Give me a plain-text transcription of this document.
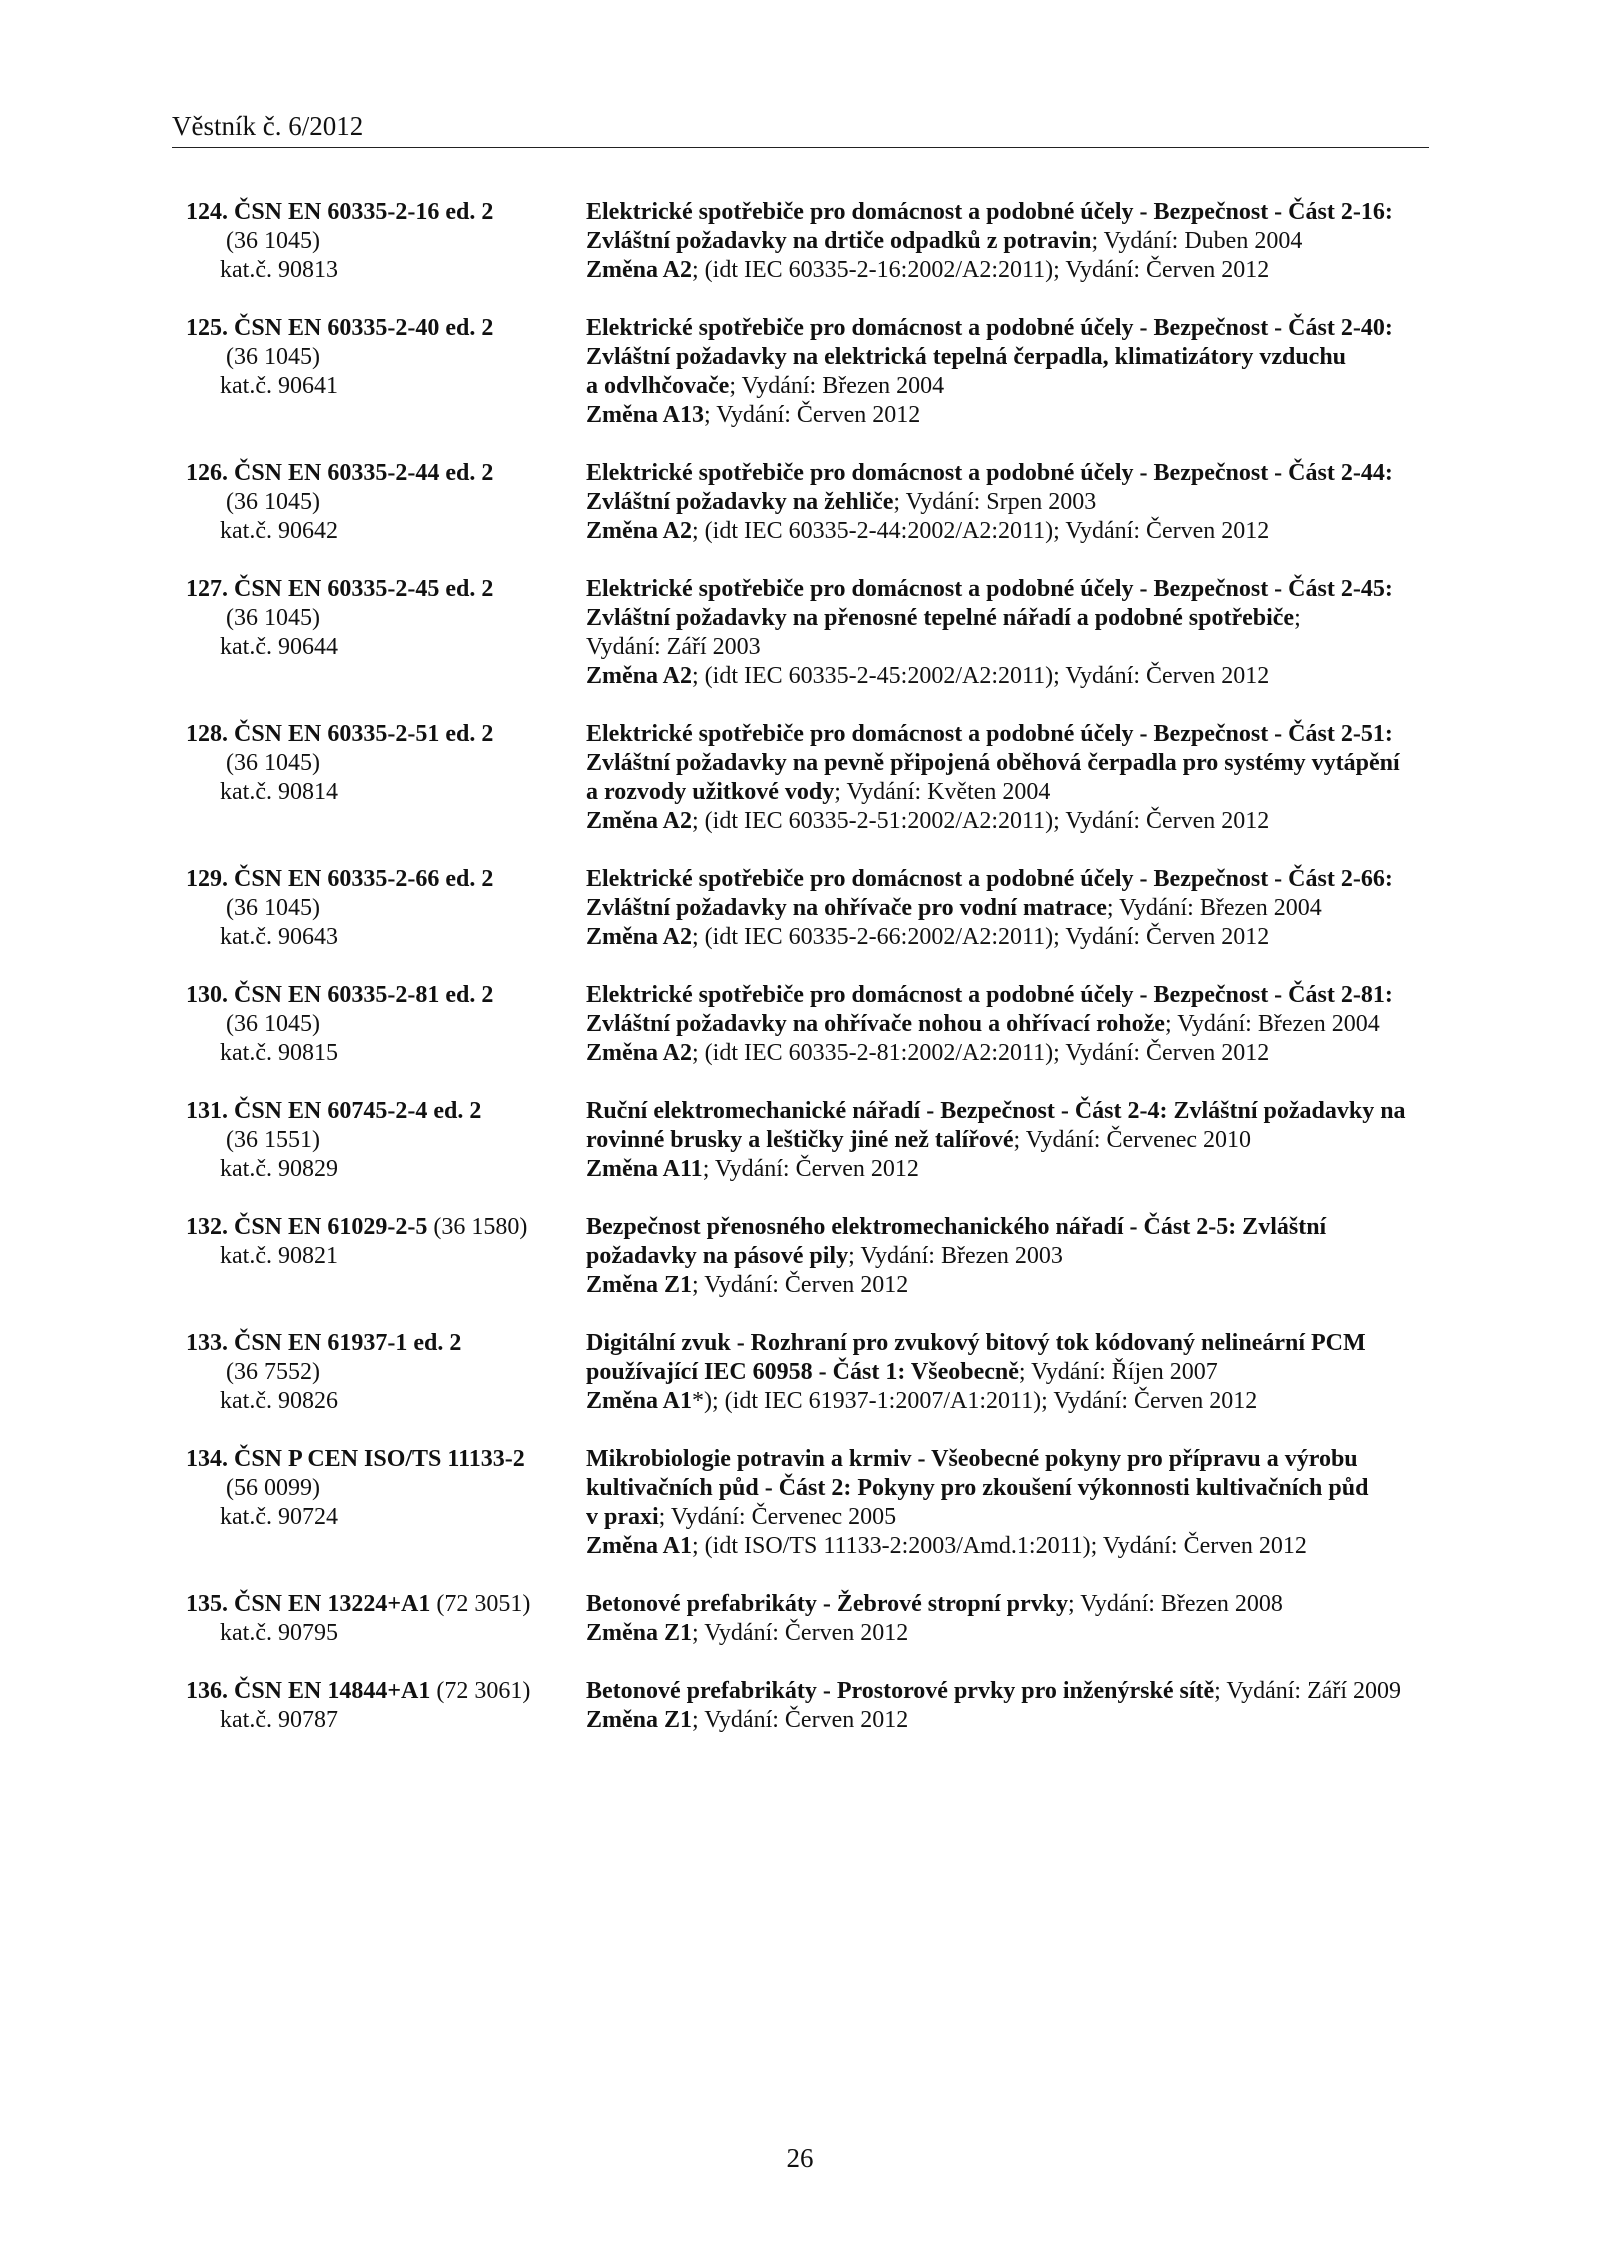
Věstník č. 6/2012
124. ČSN EN 60335-2-16 ed. 2
(36 1045)
kat.č. 90813
Elektrické spotřebiče pro domácnost a podobné účely - Bezpečnost - Část 2-16:
Zvláštní požadavky na drtiče odpadků z potravin; Vydání: Duben 2004
Změna A2; (idt IEC 60335-2-16:2002/A2:2011); Vydání: Červen 2012
125. ČSN EN 60335-2-40 ed. 2
(36 1045)
kat.č. 90641
Elektrické spotřebiče pro domácnost a podobné účely - Bezpečnost - Část 2-40:
Zvláštní požadavky na elektrická tepelná čerpadla, klimatizátory vzduchu
a odvlhčovače; Vydání: Březen 2004
Změna A13; Vydání: Červen 2012
126. ČSN EN 60335-2-44 ed. 2
(36 1045)
kat.č. 90642
Elektrické spotřebiče pro domácnost a podobné účely - Bezpečnost - Část 2-44:
Zvláštní požadavky na žehliče; Vydání: Srpen 2003
Změna A2; (idt IEC 60335-2-44:2002/A2:2011); Vydání: Červen 2012
127. ČSN EN 60335-2-45 ed. 2
(36 1045)
kat.č. 90644
Elektrické spotřebiče pro domácnost a podobné účely - Bezpečnost - Část 2-45:
Zvláštní požadavky na přenosné tepelné nářadí a podobné spotřebiče;
Vydání: Září 2003
Změna A2; (idt IEC 60335-2-45:2002/A2:2011); Vydání: Červen 2012
128. ČSN EN 60335-2-51 ed. 2
(36 1045)
kat.č. 90814
Elektrické spotřebiče pro domácnost a podobné účely - Bezpečnost - Část 2-51:
Zvláštní požadavky na pevně připojená oběhová čerpadla pro systémy vytápění
a rozvody užitkové vody; Vydání: Květen 2004
Změna A2; (idt IEC 60335-2-51:2002/A2:2011); Vydání: Červen 2012
129. ČSN EN 60335-2-66 ed. 2
(36 1045)
kat.č. 90643
Elektrické spotřebiče pro domácnost a podobné účely - Bezpečnost - Část 2-66:
Zvláštní požadavky na ohřívače pro vodní matrace; Vydání: Březen 2004
Změna A2; (idt IEC 60335-2-66:2002/A2:2011); Vydání: Červen 2012
130. ČSN EN 60335-2-81 ed. 2
(36 1045)
kat.č. 90815
Elektrické spotřebiče pro domácnost a podobné účely - Bezpečnost - Část 2-81:
Zvláštní požadavky na ohřívače nohou a ohřívací rohože; Vydání: Březen 2004
Změna A2; (idt IEC 60335-2-81:2002/A2:2011); Vydání: Červen 2012
131. ČSN EN 60745-2-4 ed. 2
(36 1551)
kat.č. 90829
Ruční elektromechanické nářadí - Bezpečnost - Část 2-4: Zvláštní požadavky na
rovinné brusky a leštičky jiné než talířové; Vydání: Červenec 2010
Změna A11; Vydání: Červen 2012
132. ČSN EN 61029-2-5 (36 1580)
kat.č. 90821
Bezpečnost přenosného elektromechanického nářadí - Část 2-5: Zvláštní
požadavky na pásové pily; Vydání: Březen 2003
Změna Z1; Vydání: Červen 2012
133. ČSN EN 61937-1 ed. 2
(36 7552)
kat.č. 90826
Digitální zvuk - Rozhraní pro zvukový bitový tok kódovaný nelineární PCM
používající IEC 60958 - Část 1: Všeobecně; Vydání: Říjen 2007
Změna A1*); (idt IEC 61937-1:2007/A1:2011); Vydání: Červen 2012
134. ČSN P CEN ISO/TS 11133-2
(56 0099)
kat.č. 90724
Mikrobiologie potravin a krmiv - Všeobecné pokyny pro přípravu a výrobu
kultivačních půd - Část 2: Pokyny pro zkoušení výkonnosti kultivačních půd
v praxi; Vydání: Červenec 2005
Změna A1; (idt ISO/TS 11133-2:2003/Amd.1:2011); Vydání: Červen 2012
135. ČSN EN 13224+A1 (72 3051)
kat.č. 90795
Betonové prefabrikáty - Žebrové stropní prvky; Vydání: Březen 2008
Změna Z1; Vydání: Červen 2012
136. ČSN EN 14844+A1 (72 3061)
kat.č. 90787
Betonové prefabrikáty - Prostorové prvky pro inženýrské sítě; Vydání: Září 2009
Změna Z1; Vydání: Červen 2012
26
